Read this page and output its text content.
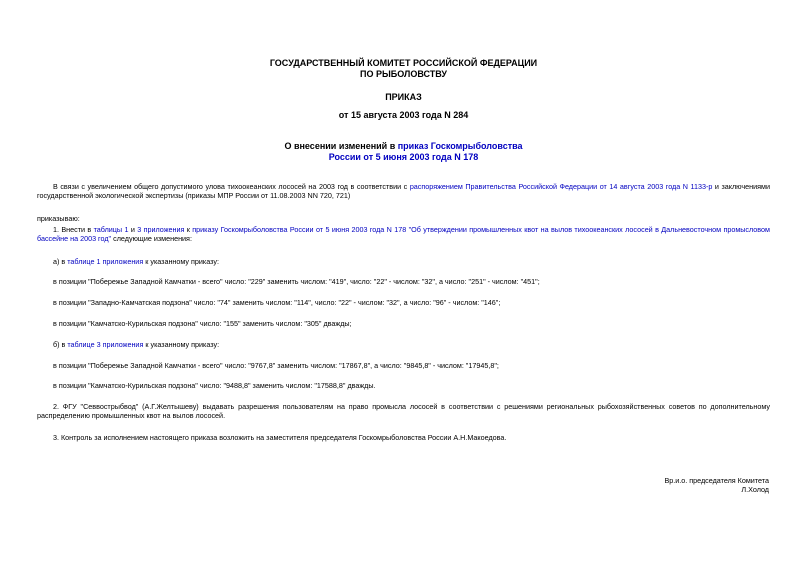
ГОСУДАРСТВЕННЫЙ КОМИТЕТ РОССИЙСКОЙ ФЕДЕРАЦИИ
ПО РЫБОЛОВСТВУ
ПРИКАЗ
от 15 августа 2003 года N 284
О внесении изменений в приказ Госкомрыболовства
России от 5 июня 2003 года N 178
В связи с увеличением общего допустимого улова тихоокеанских лососей на 2003 год в соответствии с распоряжением Правительства Российской Федерации от 14 августа 2003 года N 1133-р и заключениями государственной экологической экспертизы (приказы МПР России от 11.08.2003 NN 720, 721)
приказываю:
1. Внести в таблицы 1 и 3 приложения к приказу Госкомрыболовства России от 5 июня 2003 года N 178 "Об утверждении промышленных квот на вылов тихоокеанских лососей в Дальневосточном промысловом бассейне на 2003 год" следующие изменения:
а) в таблице 1 приложения к указанному приказу:
в позиции "Побережье Западной Камчатки - всего" число: "229" заменить числом: "419", число: "22" - числом: "32", а число: "251" - числом: "451";
в позиции "Западно-Камчатская подзона" число: "74" заменить числом: "114", число: "22" - числом: "32", а число: "96" - числом: "146";
в позиции "Камчатско-Курильская подзона" число: "155" заменить числом: "305" дважды;
б) в таблице 3 приложения к указанному приказу:
в позиции "Побережье Западной Камчатки - всего" число: "9767,8" заменить числом: "17867,8", а число: "9845,8" - числом: "17945,8";
в позиции "Камчатско-Курильская подзона" число: "9488,8" заменить числом: "17588,8" дважды.
2. ФГУ "Севвострыбвод" (А.Г.Желтышеву) выдавать разрешения пользователям на право промысла лососей в соответствии с решениями региональных рыбохозяйственных советов по дополнительному распределению промышленных квот на вылов лососей.
3. Контроль за исполнением настоящего приказа возложить на заместителя председателя Госкомрыболовства России А.Н.Макоедова.
Вр.и.о. председателя Комитета
Л.Холод
